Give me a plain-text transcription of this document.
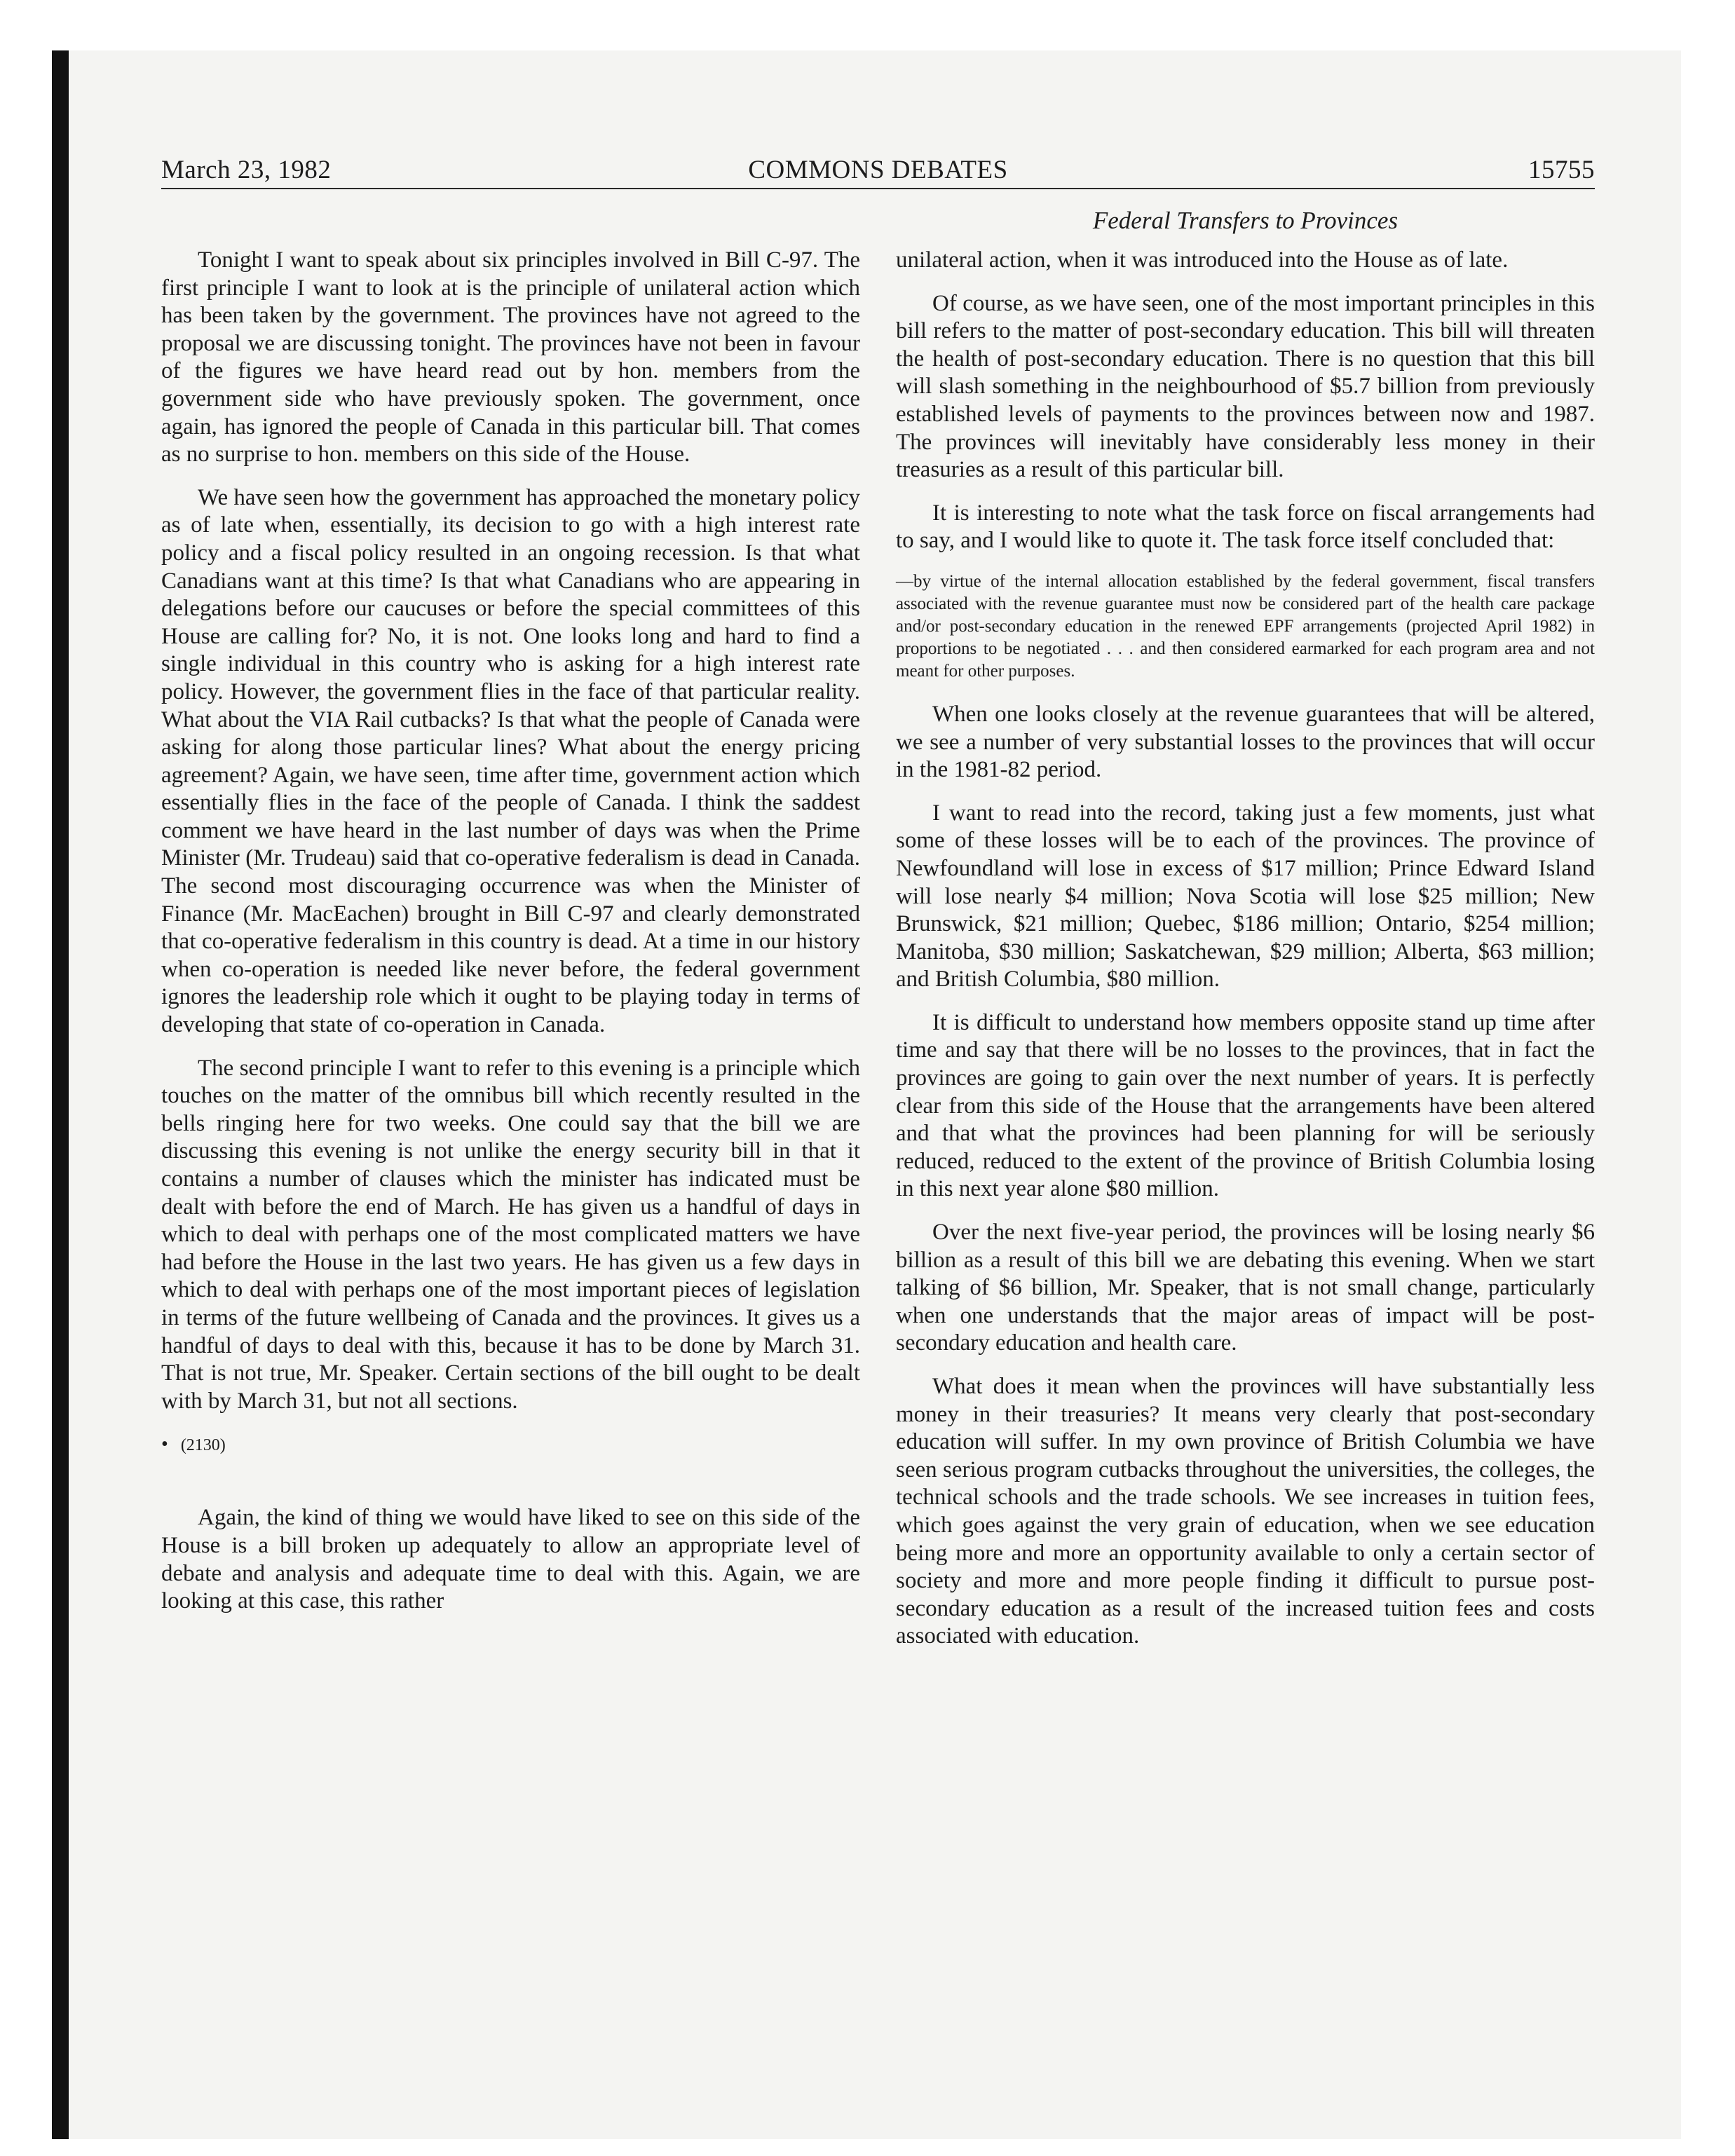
March 23, 1982	COMMONS DEBATES	15755
Federal Transfers to Provinces

Tonight I want to speak about six principles involved in Bill C-97. The first principle I want to look at is the principle of unilateral action which has been taken by the government. The provinces have not agreed to the proposal we are discussing tonight. The provinces have not been in favour of the figures we have heard read out by hon. members from the government side who have previously spoken. The government, once again, has ignored the people of Canada in this particular bill. That comes as no surprise to hon. members on this side of the House.

We have seen how the government has approached the monetary policy as of late when, essentially, its decision to go with a high interest rate policy and a fiscal policy resulted in an ongoing recession. Is that what Canadians want at this time? Is that what Canadians who are appearing in delegations before our caucuses or before the special committees of this House are calling for? No, it is not. One looks long and hard to find a single individual in this country who is asking for a high interest rate policy. However, the government flies in the face of that particular reality. What about the VIA Rail cutbacks? Is that what the people of Canada were asking for along those particular lines? What about the energy pricing agreement? Again, we have seen, time after time, government action which essentially flies in the face of the people of Canada. I think the saddest comment we have heard in the last number of days was when the Prime Minister (Mr. Trudeau) said that co-operative federalism is dead in Canada. The second most discouraging occurrence was when the Minister of Finance (Mr. MacEachen) brought in Bill C-97 and clearly demonstrated that co-operative federalism in this country is dead. At a time in our history when co-operation is needed like never before, the federal government ignores the leadership role which it ought to be playing today in terms of developing that state of co-operation in Canada.

The second principle I want to refer to this evening is a principle which touches on the matter of the omnibus bill which recently resulted in the bells ringing here for two weeks. One could say that the bill we are discussing this evening is not unlike the energy security bill in that it contains a number of clauses which the minister has indicated must be dealt with before the end of March. He has given us a handful of days in which to deal with perhaps one of the most complicated matters we have had before the House in the last two years. He has given us a few days in which to deal with perhaps one of the most important pieces of legislation in terms of the future wellbeing of Canada and the provinces. It gives us a handful of days to deal with this, because it has to be done by March 31. That is not true, Mr. Speaker. Certain sections of the bill ought to be dealt with by March 31, but not all sections.

• (2130)

Again, the kind of thing we would have liked to see on this side of the House is a bill broken up adequately to allow an appropriate level of debate and analysis and adequate time to deal with this. Again, we are looking at this case, this rather

unilateral action, when it was introduced into the House as of late.

Of course, as we have seen, one of the most important principles in this bill refers to the matter of post-secondary education. This bill will threaten the health of post-secondary education. There is no question that this bill will slash something in the neighbourhood of $5.7 billion from previously established levels of payments to the provinces between now and 1987. The provinces will inevitably have considerably less money in their treasuries as a result of this particular bill.

It is interesting to note what the task force on fiscal arrangements had to say, and I would like to quote it. The task force itself concluded that:

—by virtue of the internal allocation established by the federal government, fiscal transfers associated with the revenue guarantee must now be considered part of the health care package and/or post-secondary education in the renewed EPF arrangements (projected April 1982) in proportions to be negotiated . . . and then considered earmarked for each program area and not meant for other purposes.

When one looks closely at the revenue guarantees that will be altered, we see a number of very substantial losses to the provinces that will occur in the 1981-82 period.

I want to read into the record, taking just a few moments, just what some of these losses will be to each of the provinces. The province of Newfoundland will lose in excess of $17 million; Prince Edward Island will lose nearly $4 million; Nova Scotia will lose $25 million; New Brunswick, $21 million; Quebec, $186 million; Ontario, $254 million; Manitoba, $30 million; Saskatchewan, $29 million; Alberta, $63 million; and British Columbia, $80 million.

It is difficult to understand how members opposite stand up time after time and say that there will be no losses to the provinces, that in fact the provinces are going to gain over the next number of years. It is perfectly clear from this side of the House that the arrangements have been altered and that what the provinces had been planning for will be seriously reduced, reduced to the extent of the province of British Columbia losing in this next year alone $80 million.

Over the next five-year period, the provinces will be losing nearly $6 billion as a result of this bill we are debating this evening. When we start talking of $6 billion, Mr. Speaker, that is not small change, particularly when one understands that the major areas of impact will be post-secondary education and health care.

What does it mean when the provinces will have substantially less money in their treasuries? It means very clearly that post-secondary education will suffer. In my own province of British Columbia we have seen serious program cutbacks throughout the universities, the colleges, the technical schools and the trade schools. We see increases in tuition fees, which goes against the very grain of education, when we see education being more and more an opportunity available to only a certain sector of society and more and more people finding it difficult to pursue post-secondary education as a result of the increased tuition fees and costs associated with education.
